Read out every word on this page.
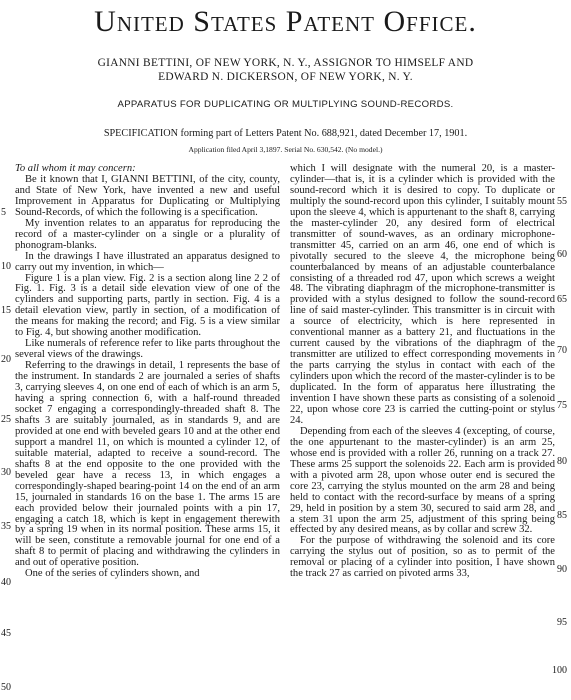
United States Patent Office.
GIANNI BETTINI, OF NEW YORK, N. Y., ASSIGNOR TO HIMSELF AND
EDWARD N. DICKERSON, OF NEW YORK, N. Y.
APPARATUS FOR DUPLICATING OR MULTIPLYING SOUND-RECORDS.
SPECIFICATION forming part of Letters Patent No. 688,921, dated December 17, 1901.
Application filed April 3,1897. Serial No. 630,542. (No model.)

To all whom it may concern:

Be it known that I, GIANNI BETTINI, of the city, county, and State of New York, have invented a new and useful Improvement in Apparatus for Duplicating or Multiplying Sound-Records, of which the following is a specification.

My invention relates to an apparatus for reproducing the record of a master-cylinder on a single or a plurality of phonogram-blanks.

In the drawings I have illustrated an apparatus designed to carry out my invention, in which—

Figure 1 is a plan view. Fig. 2 is a section along line 2 2 of Fig. 1. Fig. 3 is a detail side elevation view of one of the cylinders and supporting parts, partly in section. Fig. 4 is a detail elevation view, partly in section, of a modification of the means for making the record; and Fig. 5 is a view similar to Fig. 4, but showing another modification.

Like numerals of reference refer to like parts throughout the several views of the drawings.

Referring to the drawings in detail, 1 represents the base of the instrument. In standards 2 are journaled a series of shafts 3, carrying sleeves 4, on one end of each of which is an arm 5, having a spring connection 6, with a half-round threaded socket 7 engaging a correspondingly-threaded shaft 8. The shafts 3 are suitably journaled, as in standards 9, and are provided at one end with beveled gears 10 and at the other end support a mandrel 11, on which is mounted a cylinder 12, of suitable material, adapted to receive a sound-record. The shafts 8 at the end opposite to the one provided with the beveled gear have a recess 13, in which engages a correspondingly-shaped bearing-point 14 on the end of an arm 15, journaled in standards 16 on the base 1. The arms 15 are each provided below their journaled points with a pin 17, engaging a catch 18, which is kept in engagement therewith by a spring 19 when in its normal position. These arms 15, it will be seen, constitute a removable journal for one end of a shaft 8 to permit of placing and withdrawing the cylinders in and out of operative position.

One of the series of cylinders shown, and

which I will designate with the numeral 20, is a master-cylinder—that is, it is a cylinder which is provided with the sound-record which it is desired to copy. To duplicate or multiply the sound-record upon this cylinder, I suitably mount upon the sleeve 4, which is appurtenant to the shaft 8, carrying the master-cylinder 20, any desired form of electrical transmitter of sound-waves, as an ordinary microphone-transmitter 45, carried on an arm 46, one end of which is pivotally secured to the sleeve 4, the microphone being counterbalanced by means of an adjustable counterbalance consisting of a threaded rod 47, upon which screws a weight 48. The vibrating diaphragm of the microphone-transmitter is provided with a stylus designed to follow the sound-record line of said master-cylinder. This transmitter is in circuit with a source of electricity, which is here represented in conventional manner as a battery 21, and fluctuations in the current caused by the vibrations of the diaphragm of the transmitter are utilized to effect corresponding movements in the parts carrying the stylus in contact with each of the cylinders upon which the record of the master-cylinder is to be duplicated. In the form of apparatus here illustrating the invention I have shown these parts as consisting of a solenoid 22, upon whose core 23 is carried the cutting-point or stylus 24.

Depending from each of the sleeves 4 (excepting, of course, the one appurtenant to the master-cylinder) is an arm 25, whose end is provided with a roller 26, running on a track 27. These arms 25 support the solenoids 22. Each arm is provided with a pivoted arm 28, upon whose outer end is secured the core 23, carrying the stylus mounted on the arm 28 and being held to contact with the record-surface by means of a spring 29, held in position by a stem 30, secured to said arm 28, and a stem 31 upon the arm 25, adjustment of this spring being effected by any desired means, as by collar and screw 32.

For the purpose of withdrawing the solenoid and its core carrying the stylus out of position, so as to permit of the removal or placing of a cylinder into position, I have shown the track 27 as carried on pivoted arms 33,

5
10
15
20
25
30
35
40
45
50
55
60
65
70
75
80
85
90
95
100
